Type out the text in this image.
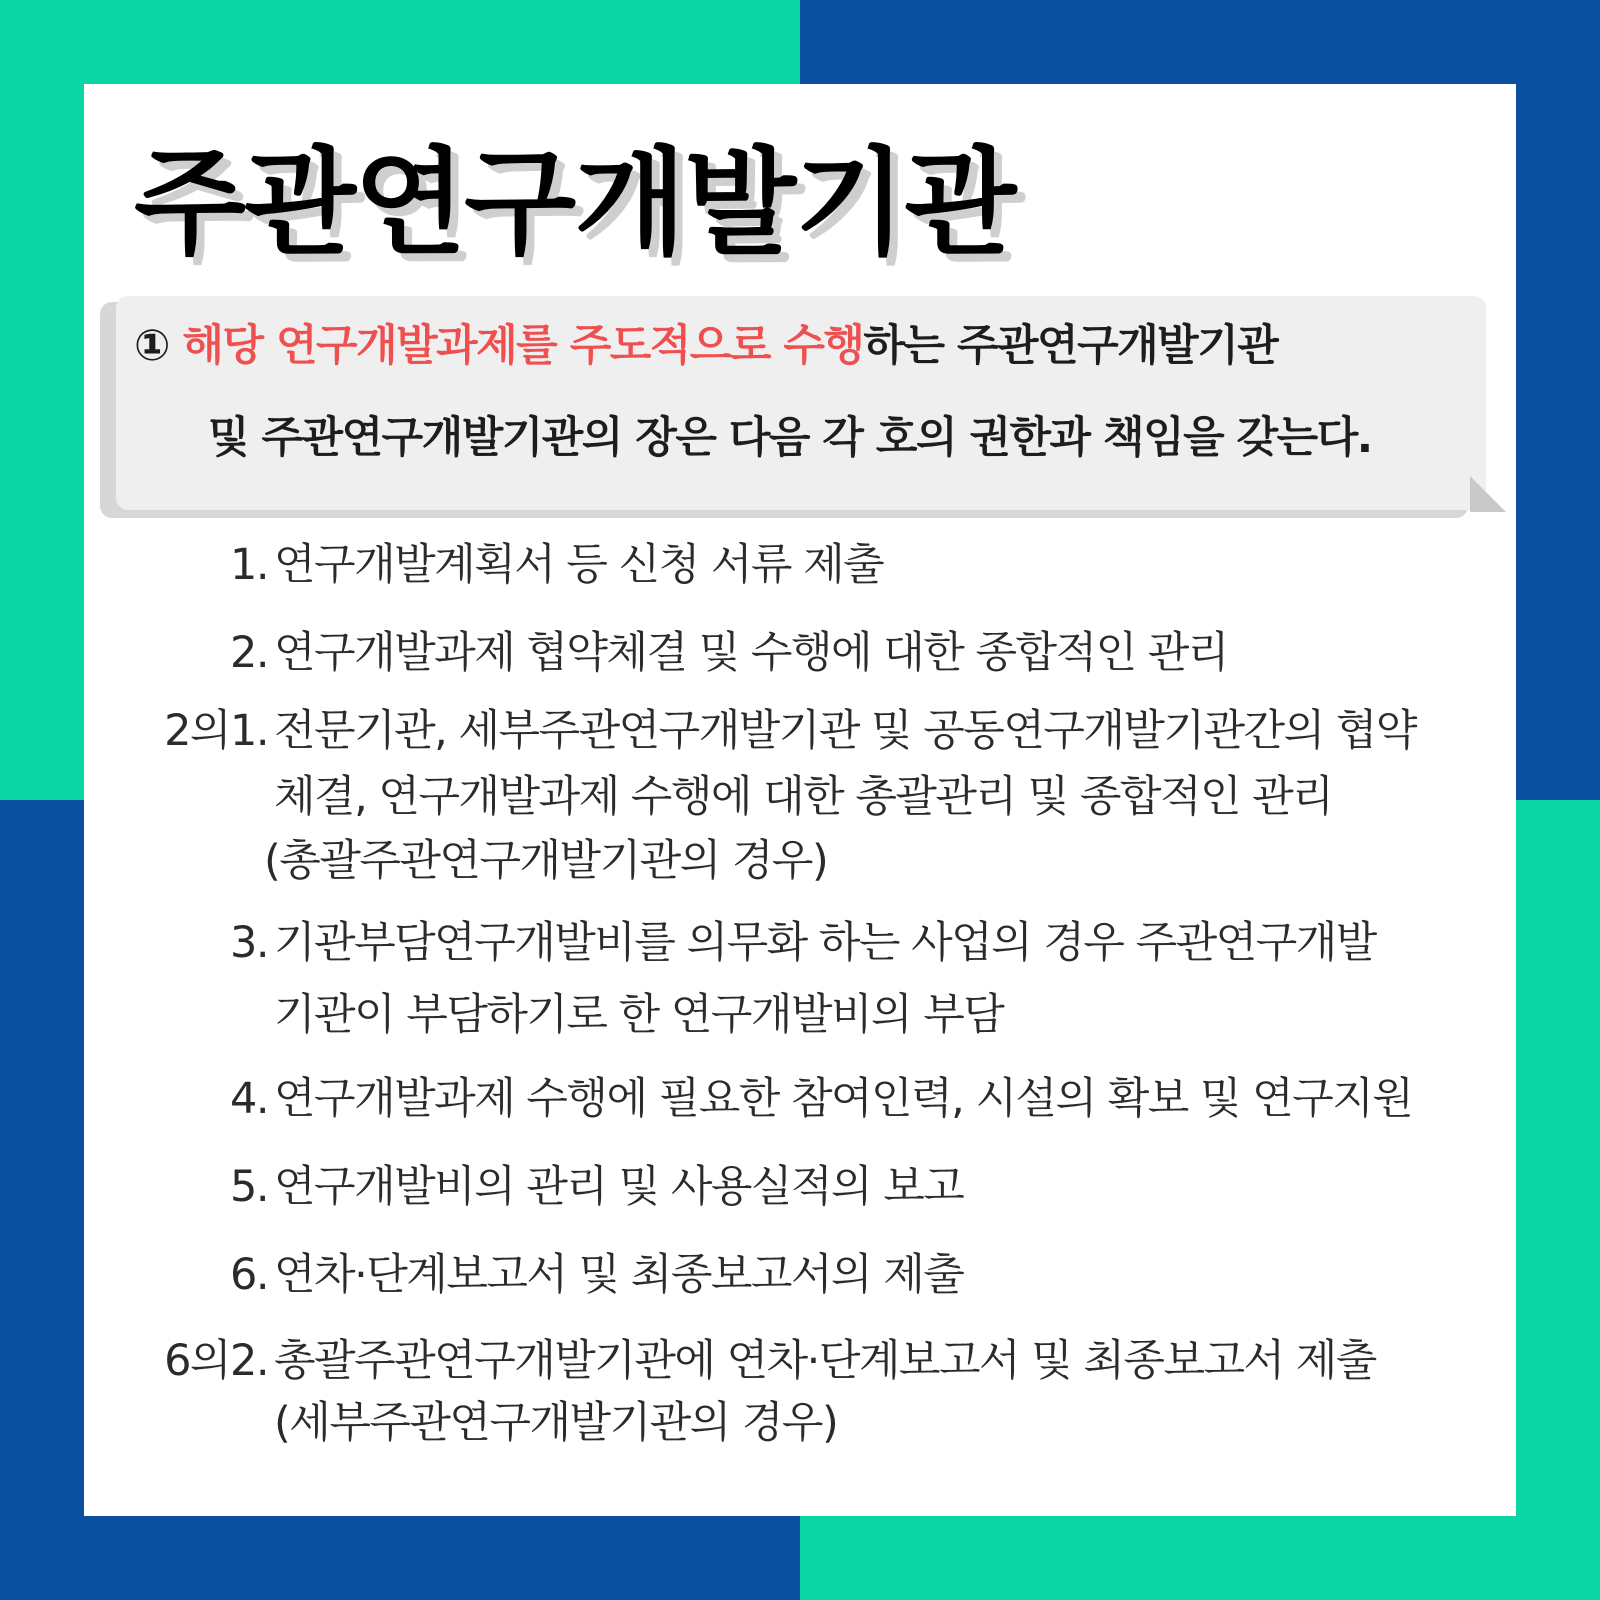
주관연구개발기관
① 해당 연구개발과제를 주도적으로 수행하는 주관연구개발기관
및 주관연구개발기관의 장은 다음 각 호의 권한과 책임을 갖는다.
1. 연구개발계획서 등 신청 서류 제출
2. 연구개발과제 협약체결 및 수행에 대한 종합적인 관리
2의1. 전문기관, 세부주관연구개발기관 및 공동연구개발기관간의 협약
체결, 연구개발과제 수행에 대한 총괄관리 및 종합적인 관리
(총괄주관연구개발기관의 경우)
3. 기관부담연구개발비를 의무화 하는 사업의 경우 주관연구개발
기관이 부담하기로 한 연구개발비의 부담
4. 연구개발과제 수행에 필요한 참여인력, 시설의 확보 및 연구지원
5. 연구개발비의 관리 및 사용실적의 보고
6. 연차·단계보고서 및 최종보고서의 제출
6의2. 총괄주관연구개발기관에 연차·단계보고서 및 최종보고서 제출
(세부주관연구개발기관의 경우)
